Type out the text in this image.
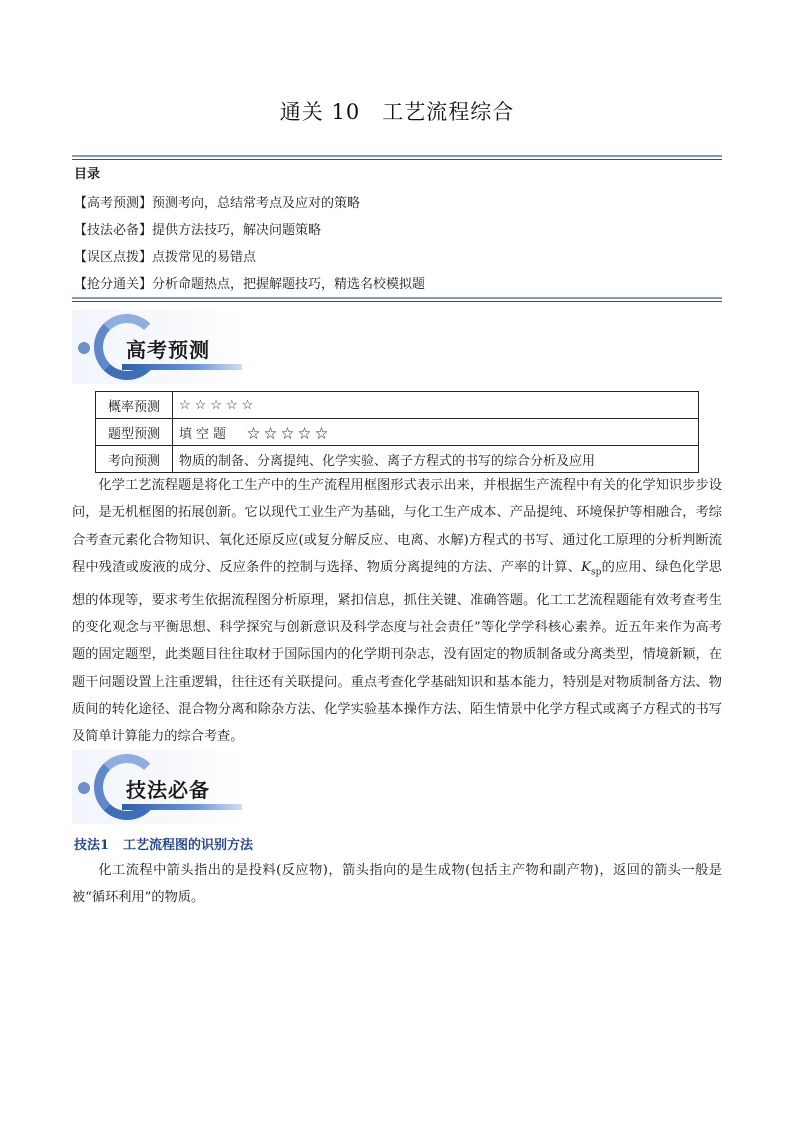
通关 10　工艺流程综合
目录
【高考预测】预测考向，总结常考点及应对的策略
【技法必备】提供方法技巧，解决问题策略
【误区点拨】点拨常见的易错点
【抢分通关】分析命题热点，把握解题技巧，精选名校模拟题
高考预测
概率预测	☆☆☆☆☆
题型预测	填空题　☆☆☆☆☆
考向预测	物质的制备、分离提纯、化学实验、离子方程式的书写的综合分析及应用
化学工艺流程题是将化工生产中的生产流程用框图形式表示出来，并根据生产流程中有关的化学知识步步设问，是无机框图的拓展创新。它以现代工业生产为基础，与化工生产成本、产品提纯、环境保护等相融合，考综合考查元素化合物知识、氧化还原反应(或复分解反应、电离、水解)方程式的书写、通过化工原理的分析判断流程中残渣或废液的成分、反应条件的控制与选择、物质分离提纯的方法、产率的计算、$K_{sp}$的应用、绿色化学思想的体现等，要求考生依据流程图分析原理，紧扣信息，抓住关键、准确答题。化工工艺流程题能有效考查考生的变化观念与平衡思想、科学探究与创新意识及科学态度与社会责任”等化学学科核心素养。近五年来作为高考题的固定题型，此类题目往往取材于国际国内的化学期刊杂志，没有固定的物质制备或分离类型，情境新颖，在题干问题设置上注重逻辑，往往还有关联提问。重点考查化学基础知识和基本能力，特别是对物质制备方法、物质间的转化途径、混合物分离和除杂方法、化学实验基本操作方法、陌生情景中化学方程式或离子方程式的书写及简单计算能力的综合考查。
技法必备
技法1 工艺流程图的识别方法
化工流程中箭头指出的是投料(反应物)，箭头指向的是生成物(包括主产物和副产物)，返回的箭头一般是被“循环利用”的物质。
